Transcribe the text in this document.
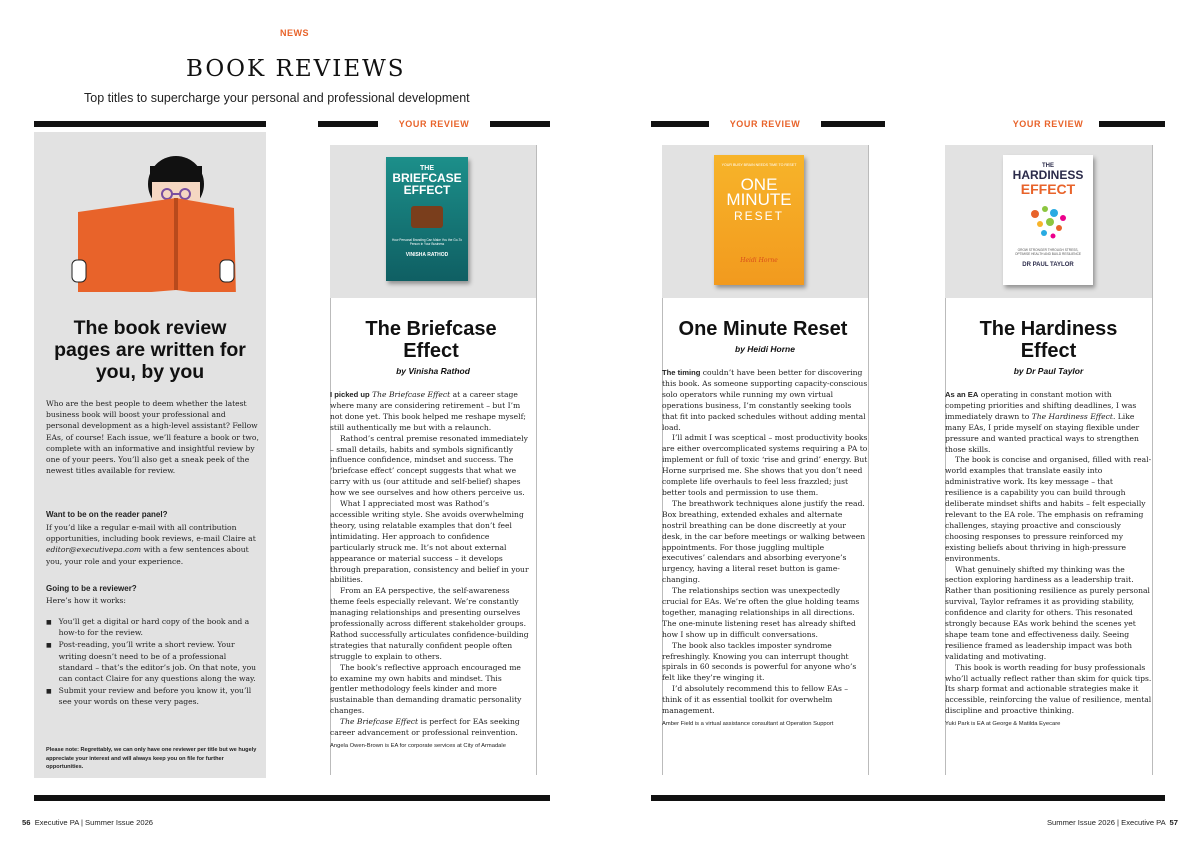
NEWS
BOOK REVIEWS
Top titles to supercharge your personal and professional development
YOUR REVIEW	YOUR REVIEW	YOUR REVIEW
The book review pages are written for you, by you
Who are the best people to deem whether the latest business book will boost your professional and personal development as a high-level assistant? Fellow EAs, of course! Each issue, we’ll feature a book or two, complete with an informative and insightful review by one of your peers. You’ll also get a sneak peek of the newest titles available for review.
Want to be on the reader panel?
If you’d like a regular e-mail with all contribution opportunities, including book reviews, e-mail Claire at editor@executivepa.com with a few sentences about you, your role and your experience.
Going to be a reviewer?
Here’s how it works:
■ You’ll get a digital or hard copy of the book and a how-to for the review.
■ Post-reading, you’ll write a short review. Your writing doesn’t need to be of a professional standard – that’s the editor’s job. On that note, you can contact Claire for any questions along the way.
■ Submit your review and before you know it, you’ll see your words on these very pages.
Please note: Regrettably, we can only have one reviewer per title but we hugely appreciate your interest and will always keep you on file for further opportunities.
THE
BRIEFCASE
EFFECT
How Personal Branding Can Make You the Go-To Person in Your Business
VINISHA RATHOD
The Briefcase Effect
by Vinisha Rathod

I picked up The Briefcase Effect at a career stage where many are considering retirement – but I’m not done yet. This book helped me reshape myself; still authentically me but with a relaunch.

Rathod’s central premise resonated immediately – small details, habits and symbols significantly influence confidence, mindset and success. The ‘briefcase effect’ concept suggests that what we carry with us (our attitude and self-belief) shapes how we see ourselves and how others perceive us.

What I appreciated most was Rathod’s accessible writing style. She avoids overwhelming theory, using relatable examples that don’t feel intimidating. Her approach to confidence particularly struck me. It’s not about external appearance or material success – it develops through preparation, consistency and belief in your abilities.

From an EA perspective, the self-awareness theme feels especially relevant. We’re constantly managing relationships and presenting ourselves professionally across different stakeholder groups. Rathod successfully articulates confidence-building strategies that naturally confident people often struggle to explain to others.

The book’s reflective approach encouraged me to examine my own habits and mindset. This gentler methodology feels kinder and more sustainable than demanding dramatic personality changes.

The Briefcase Effect is perfect for EAs seeking career advancement or professional reinvention.

Angela Owen-Brown is EA for corporate services at City of Armadale
YOUR BUSY BRAIN NEEDS TIME TO RESET
ONE
MINUTE
RESET
Heidi Horne
One Minute Reset
by Heidi Horne

The timing couldn’t have been better for discovering this book. As someone supporting capacity-conscious solo operators while running my own virtual operations business, I’m constantly seeking tools that fit into packed schedules without adding mental load.

I’ll admit I was sceptical – most productivity books are either overcomplicated systems requiring a PA to implement or full of toxic ‘rise and grind’ energy. But Horne surprised me. She shows that you don’t need complete life overhauls to feel less frazzled; just better tools and permission to use them.

The breathwork techniques alone justify the read. Box breathing, extended exhales and alternate nostril breathing can be done discreetly at your desk, in the car before meetings or walking between appointments. For those juggling multiple executives’ calendars and absorbing everyone’s urgency, having a literal reset button is game-changing.

The relationships section was unexpectedly crucial for EAs. We’re often the glue holding teams together, managing relationships in all directions. The one-minute listening reset has already shifted how I show up in difficult conversations.

The book also tackles imposter syndrome refreshingly. Knowing you can interrupt thought spirals in 60 seconds is powerful for anyone who’s felt like they’re winging it.

I’d absolutely recommend this to fellow EAs – think of it as essential toolkit for overwhelm management.

Amber Field is a virtual assistance consultant at Operation Support
THE
HARDINESS
EFFECT
GROW STRONGER THROUGH STRESS, OPTIMISE HEALTH AND BUILD RESILIENCE
DR PAUL TAYLOR
The Hardiness Effect
by Dr Paul Taylor

As an EA operating in constant motion with competing priorities and shifting deadlines, I was immediately drawn to The Hardiness Effect. Like many EAs, I pride myself on staying flexible under pressure and wanted practical ways to strengthen those skills.

The book is concise and organised, filled with real-world examples that translate easily into administrative work. Its key message – that resilience is a capability you can build through deliberate mindset shifts and habits – felt especially relevant to the EA role. The emphasis on reframing challenges, staying proactive and consciously choosing responses to pressure reinforced my existing beliefs about thriving in high-pressure environments.

What genuinely shifted my thinking was the section exploring hardiness as a leadership trait. Rather than positioning resilience as purely personal survival, Taylor reframes it as providing stability, confidence and clarity for others. This resonated strongly because EAs work behind the scenes yet shape team tone and effectiveness daily. Seeing resilience framed as leadership impact was both validating and motivating.

This book is worth reading for busy professionals who’ll actually reflect rather than skim for quick tips. Its sharp format and actionable strategies make it accessible, reinforcing the value of resilience, mental discipline and proactive thinking.

Yuki Park is EA at George & Matilda Eyecare
56 Executive PA | Summer Issue 2026	Summer Issue 2026 | Executive PA 57
